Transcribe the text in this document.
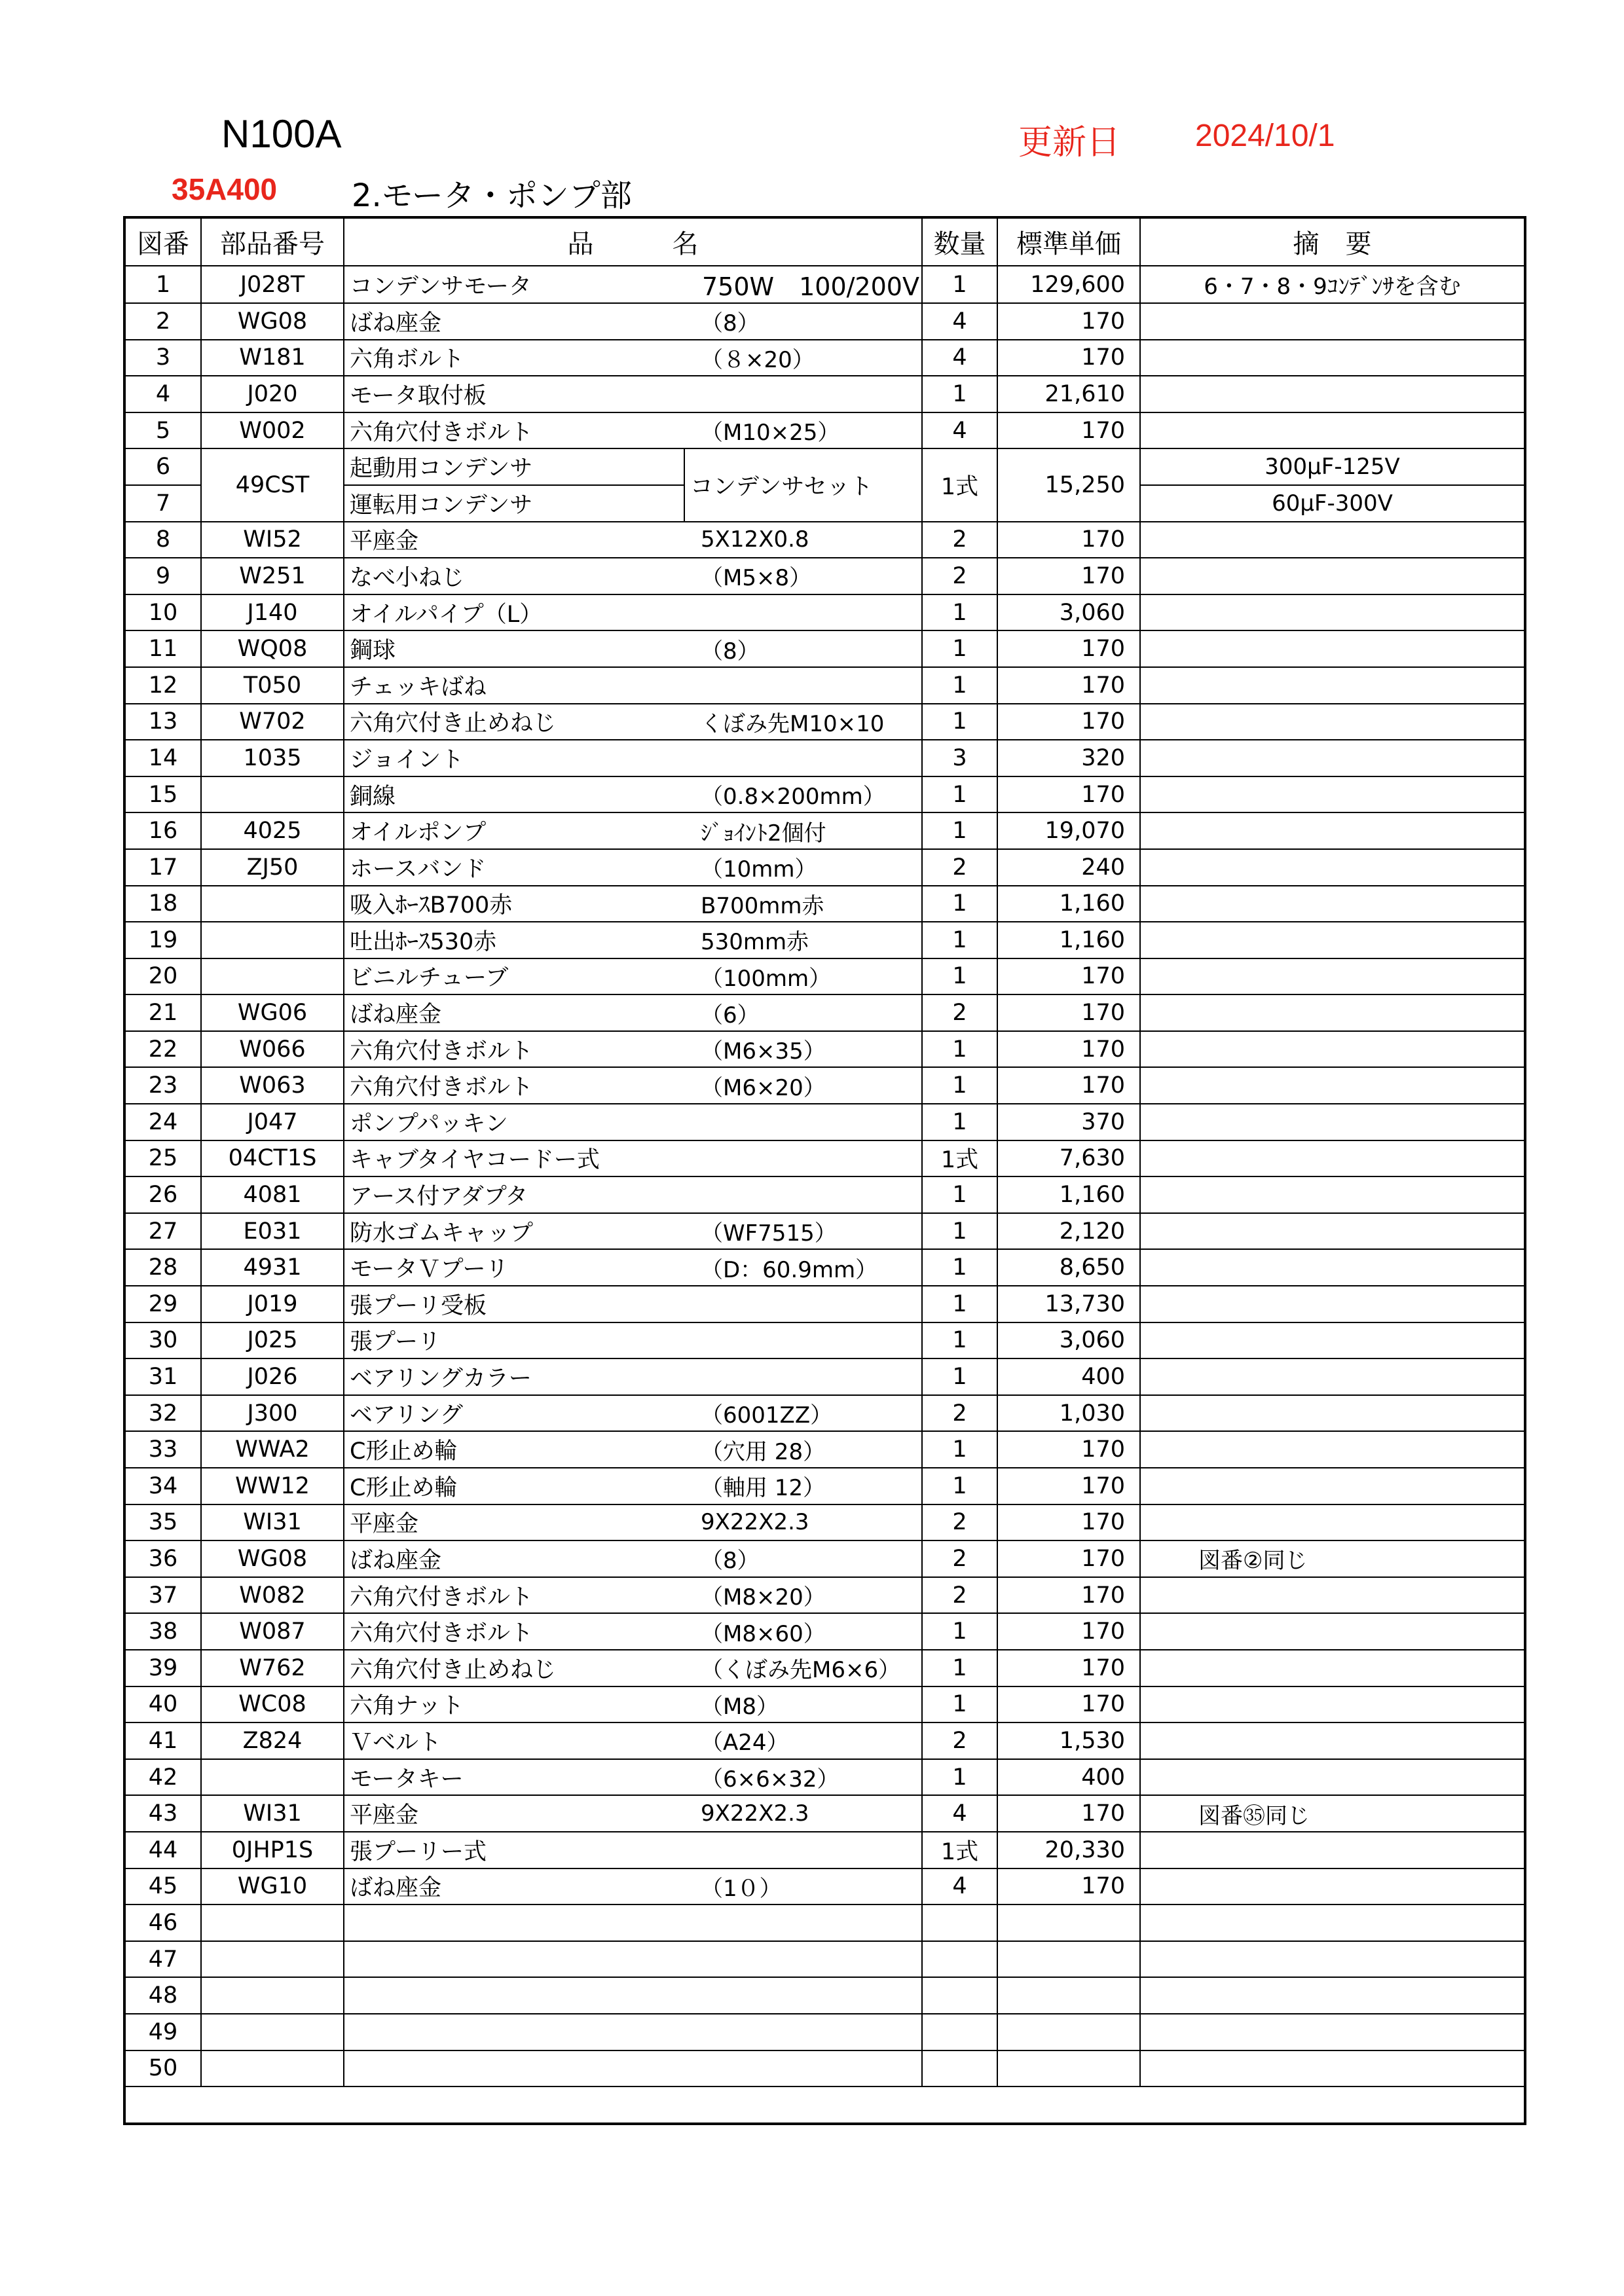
N100A	更新日 2024/10/1
35A400 2.モータ・ポンプ部
図番	部品番号	品 名		数量	標準単価	摘　要
1	J028T	コンデンサモータ 750W　100/200V		1	129,600	6・7・8・9ｺﾝﾃﾞﾝｻを含む
2	WG08	ばね座金 （8）		4	170	
3	W181	六角ボルト （８×20）		4	170	
4	J020	モータ取付板		1	21,610	
5	W002	六角穴付きボルト （M10×25）		4	170	
6	49CST	起動用コンデンサ	コンデンサセット	1式	15,250	300μF-125V
7		運転用コンデンサ				60μF-300V
8	WI52	平座金 5X12X0.8		2	170	
9	W251	なべ小ねじ （M5×8）		2	170	
10	J140	オイルパイプ（L）		1	3,060	
11	WQ08	鋼球 （8）		1	170	
12	T050	チェッキばね		1	170	
13	W702	六角穴付き止めねじ くぼみ先M10×10		1	170	
14	1035	ジョイント		3	320	
15		銅線 （0.8×200mm）		1	170	
16	4025	オイルポンプ ｼﾞｮｲﾝﾄ2個付		1	19,070	
17	ZJ50	ホースバンド （10mm）		2	240	
18		吸入ﾎｰｽB700赤 B700mm赤		1	1,160	
19		吐出ﾎｰｽ530赤 530mm赤		1	1,160	
20		ビニルチューブ （100mm）		1	170	
21	WG06	ばね座金 （6）		2	170	
22	W066	六角穴付きボルト （M6×35）		1	170	
23	W063	六角穴付きボルト （M6×20）		1	170	
24	J047	ポンプパッキン		1	370	
25	04CT1S	キャブタイヤコードー式		1式	7,630	
26	4081	アース付アダプタ		1	1,160	
27	E031	防水ゴムキャップ （WF7515）		1	2,120	
28	4931	モータＶプーリ （D：60.9mm）		1	8,650	
29	J019	張プーリ受板		1	13,730	
30	J025	張プーリ		1	3,060	
31	J026	ベアリングカラー		1	400	
32	J300	ベアリング （6001ZZ）		2	1,030	
33	WWA2	C形止め輪 （穴用 28）		1	170	
34	WW12	C形止め輪 （軸用 12）		1	170	
35	WI31	平座金 9X22X2.3		2	170	
36	WG08	ばね座金 （8）		2	170	図番②同じ
37	W082	六角穴付きボルト （M8×20）		2	170	
38	W087	六角穴付きボルト （M8×60）		1	170	
39	W762	六角穴付き止めねじ （くぼみ先M6×6）		1	170	
40	WC08	六角ナット （M8）		1	170	
41	Z824	Ｖベルト （A24）		2	1,530	
42		モータキー （6×6×32）		1	400	
43	WI31	平座金 9X22X2.3		4	170	図番㉟同じ
44	0JHP1S	張プーリー式		1式	20,330	
45	WG10	ばね座金 （1０）		4	170	
46			

47			

48			

49			

50			
